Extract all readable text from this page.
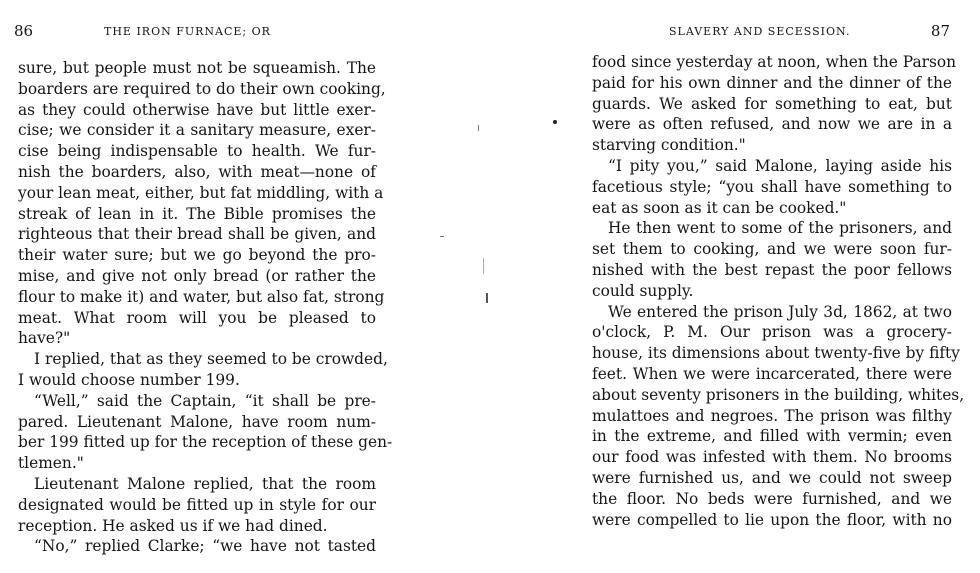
86	THE IRON FURNACE; OR
sure, but people must not be squeamish. The
boarders are required to do their own cooking,
as they could otherwise have but little exer-
cise; we consider it a sanitary measure, exer-
cise being indispensable to health. We fur-
nish the boarders, also, with meat—none of
your lean meat, either, but fat middling, with a
streak of lean in it. The Bible promises the
righteous that their bread shall be given, and
their water sure; but we go beyond the pro-
mise, and give not only bread (or rather the
flour to make it) and water, but also fat, strong
meat. What room will you be pleased to
have?"
I replied, that as they seemed to be crowded,
I would choose number 199.
“Well,” said the Captain, “it shall be pre-
pared. Lieutenant Malone, have room num-
ber 199 fitted up for the reception of these gen-
tlemen."
Lieutenant Malone replied, that the room
designated would be fitted up in style for our
reception. He asked us if we had dined.
“No,” replied Clarke; “we have not tasted
SLAVERY AND SECESSION.	87
food since yesterday at noon, when the Parson
paid for his own dinner and the dinner of the
guards. We asked for something to eat, but
were as often refused, and now we are in a
starving condition."
“I pity you,” said Malone, laying aside his
facetious style; “you shall have something to
eat as soon as it can be cooked."
He then went to some of the prisoners, and
set them to cooking, and we were soon fur-
nished with the best repast the poor fellows
could supply.
We entered the prison July 3d, 1862, at two
o'clock, P. M. Our prison was a grocery-
house, its dimensions about twenty-five by fifty
feet. When we were incarcerated, there were
about seventy prisoners in the building, whites,
mulattoes and negroes. The prison was filthy
in the extreme, and filled with vermin; even
our food was infested with them. No brooms
were furnished us, and we could not sweep
the floor. No beds were furnished, and we
were compelled to lie upon the floor, with no
